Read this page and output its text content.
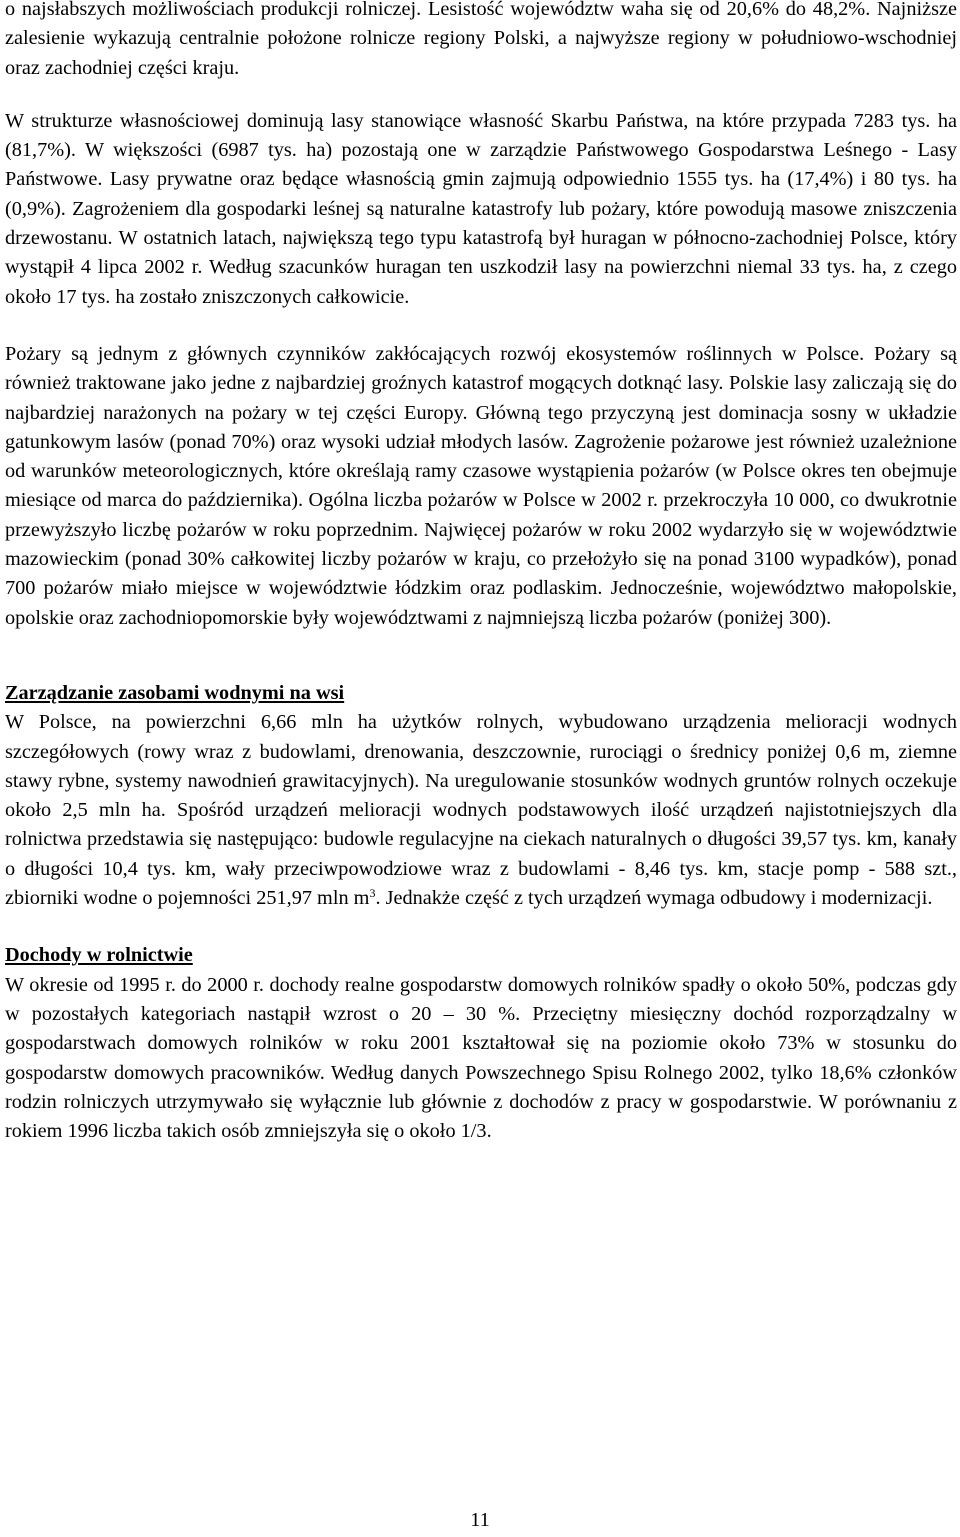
o najsłabszych możliwościach produkcji rolniczej. Lesistość województw waha się od 20,6% do 48,2%. Najniższe zalesienie wykazują centralnie położone rolnicze regiony Polski, a najwyższe regiony w południowo-wschodniej oraz zachodniej części kraju.

W strukturze własnościowej dominują lasy stanowiące własność Skarbu Państwa, na które przypada 7283 tys. ha (81,7%). W większości (6987 tys. ha) pozostają one w zarządzie Państwowego Gospodarstwa Leśnego - Lasy Państwowe. Lasy prywatne oraz będące własnością gmin zajmują odpowiednio 1555 tys. ha (17,4%) i 80 tys. ha (0,9%). Zagrożeniem dla gospodarki leśnej są naturalne katastrofy lub pożary, które powodują masowe zniszczenia drzewostanu. W ostatnich latach, największą tego typu katastrofą był huragan w północno-zachodniej Polsce, który wystąpił 4 lipca 2002 r. Według szacunków huragan ten uszkodził lasy na powierzchni niemal 33 tys. ha, z czego około 17 tys. ha zostało zniszczonych całkowicie.

Pożary są jednym z głównych czynników zakłócających rozwój ekosystemów roślinnych w Polsce. Pożary są również traktowane jako jedne z najbardziej groźnych katastrof mogących dotknąć lasy. Polskie lasy zaliczają się do najbardziej narażonych na pożary w tej części Europy. Główną tego przyczyną jest dominacja sosny w układzie gatunkowym lasów (ponad 70%) oraz wysoki udział młodych lasów. Zagrożenie pożarowe jest również uzależnione od warunków meteorologicznych, które określają ramy czasowe wystąpienia pożarów (w Polsce okres ten obejmuje miesiące od marca do października). Ogólna liczba pożarów w Polsce w 2002 r. przekroczyła 10 000, co dwukrotnie przewyższyło liczbę pożarów w roku poprzednim. Najwięcej pożarów w roku 2002 wydarzyło się w województwie mazowieckim (ponad 30% całkowitej liczby pożarów w kraju, co przełożyło się na ponad 3100 wypadków), ponad 700 pożarów miało miejsce w województwie łódzkim oraz podlaskim. Jednocześnie, województwo małopolskie, opolskie oraz zachodniopomorskie były województwami z najmniejszą liczba pożarów (poniżej 300).

Zarządzanie zasobami wodnymi na wsi

W Polsce, na powierzchni 6,66 mln ha użytków rolnych, wybudowano urządzenia melioracji wodnych szczegółowych (rowy wraz z budowlami, drenowania, deszczownie, rurociągi o średnicy poniżej 0,6 m, ziemne stawy rybne, systemy nawodnień grawitacyjnych). Na uregulowanie stosunków wodnych gruntów rolnych oczekuje około 2,5 mln ha. Spośród urządzeń melioracji wodnych podstawowych ilość urządzeń najistotniejszych dla rolnictwa przedstawia się następująco: budowle regulacyjne na ciekach naturalnych o długości 39,57 tys. km, kanały o długości 10,4 tys. km, wały przeciwpowodziowe wraz z budowlami - 8,46 tys. km, stacje pomp - 588 szt., zbiorniki wodne o pojemności 251,97 mln $m^3$. Jednakże część z tych urządzeń wymaga odbudowy i modernizacji.

Dochody w rolnictwie

W okresie od 1995 r. do 2000 r. dochody realne gospodarstw domowych rolników spadły o około 50%, podczas gdy w pozostałych kategoriach nastąpił wzrost o 20 – 30 %. Przeciętny miesięczny dochód rozporządzalny w gospodarstwach domowych rolników w roku 2001 kształtował się na poziomie około 73% w stosunku do gospodarstw domowych pracowników. Według danych Powszechnego Spisu Rolnego 2002, tylko 18,6% członków rodzin rolniczych utrzymywało się wyłącznie lub głównie z dochodów z pracy w gospodarstwie. W porównaniu z rokiem 1996 liczba takich osób zmniejszyła się o około 1/3.

11
